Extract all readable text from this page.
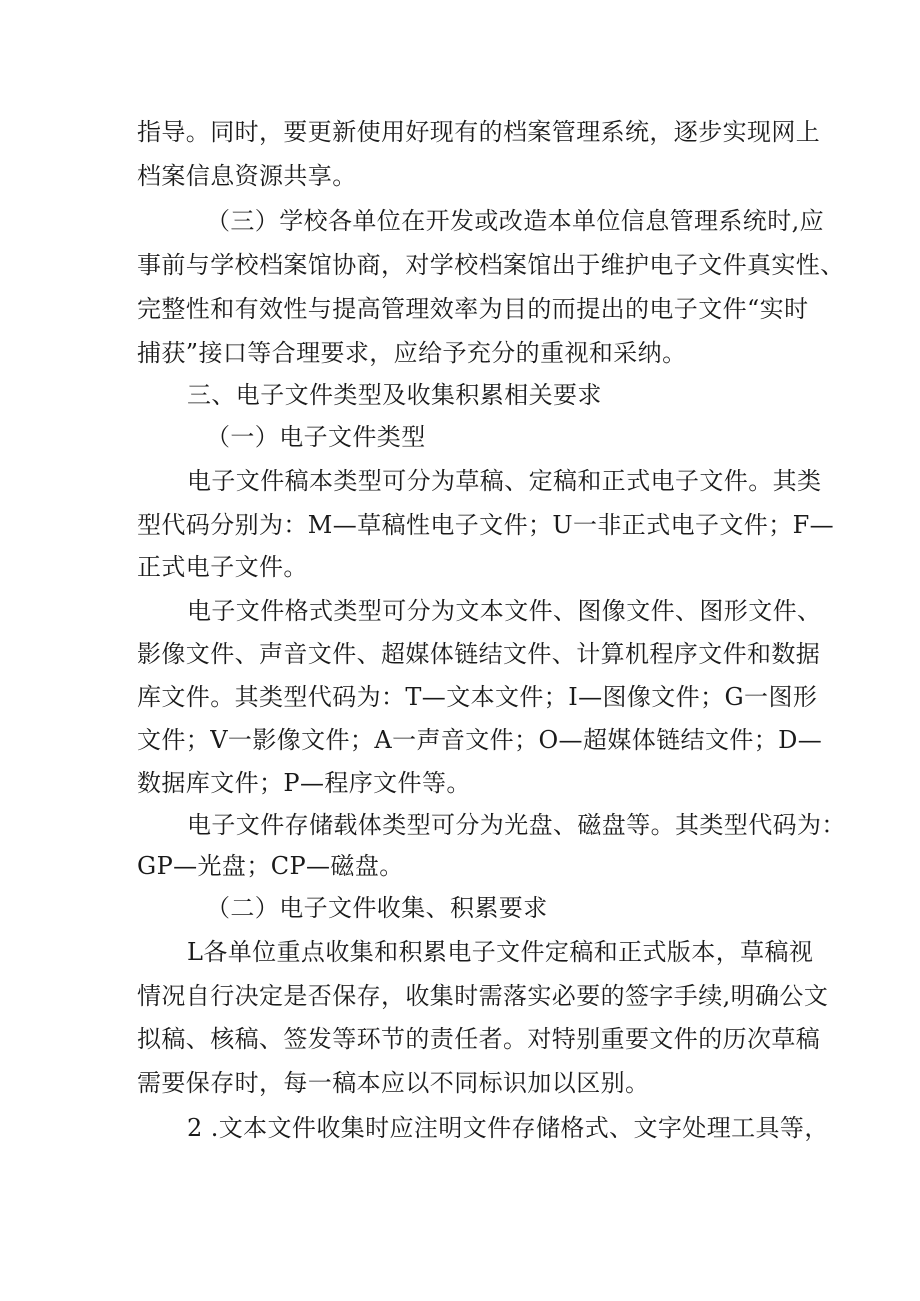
指导。同时，要更新使用好现有的档案管理系统，逐步实现网上
档案信息资源共享。
（三）学校各单位在开发或改造本单位信息管理系统时,应
事前与学校档案馆协商，对学校档案馆出于维护电子文件真实性、
完整性和有效性与提高管理效率为目的而提出的电子文件“实时
捕获”接口等合理要求，应给予充分的重视和采纳。
三、电子文件类型及收集积累相关要求
（一）电子文件类型
电子文件稿本类型可分为草稿、定稿和正式电子文件。其类
型代码分别为：M—草稿性电子文件；U一非正式电子文件；F—
正式电子文件。
电子文件格式类型可分为文本文件、图像文件、图形文件、
影像文件、声音文件、超媒体链结文件、计算机程序文件和数据
库文件。其类型代码为：T—文本文件；I—图像文件；G一图形
文件；V一影像文件；A一声音文件；O—超媒体链结文件；D—
数据库文件；P—程序文件等。
电子文件存储载体类型可分为光盘、磁盘等。其类型代码为：
GP—光盘；CP—磁盘。
（二）电子文件收集、积累要求
L各单位重点收集和积累电子文件定稿和正式版本，草稿视
情况自行决定是否保存，收集时需落实必要的签字手续,明确公文
拟稿、核稿、签发等环节的责任者。对特别重要文件的历次草稿
需要保存时，每一稿本应以不同标识加以区别。
2 .文本文件收集时应注明文件存储格式、文字处理工具等，
